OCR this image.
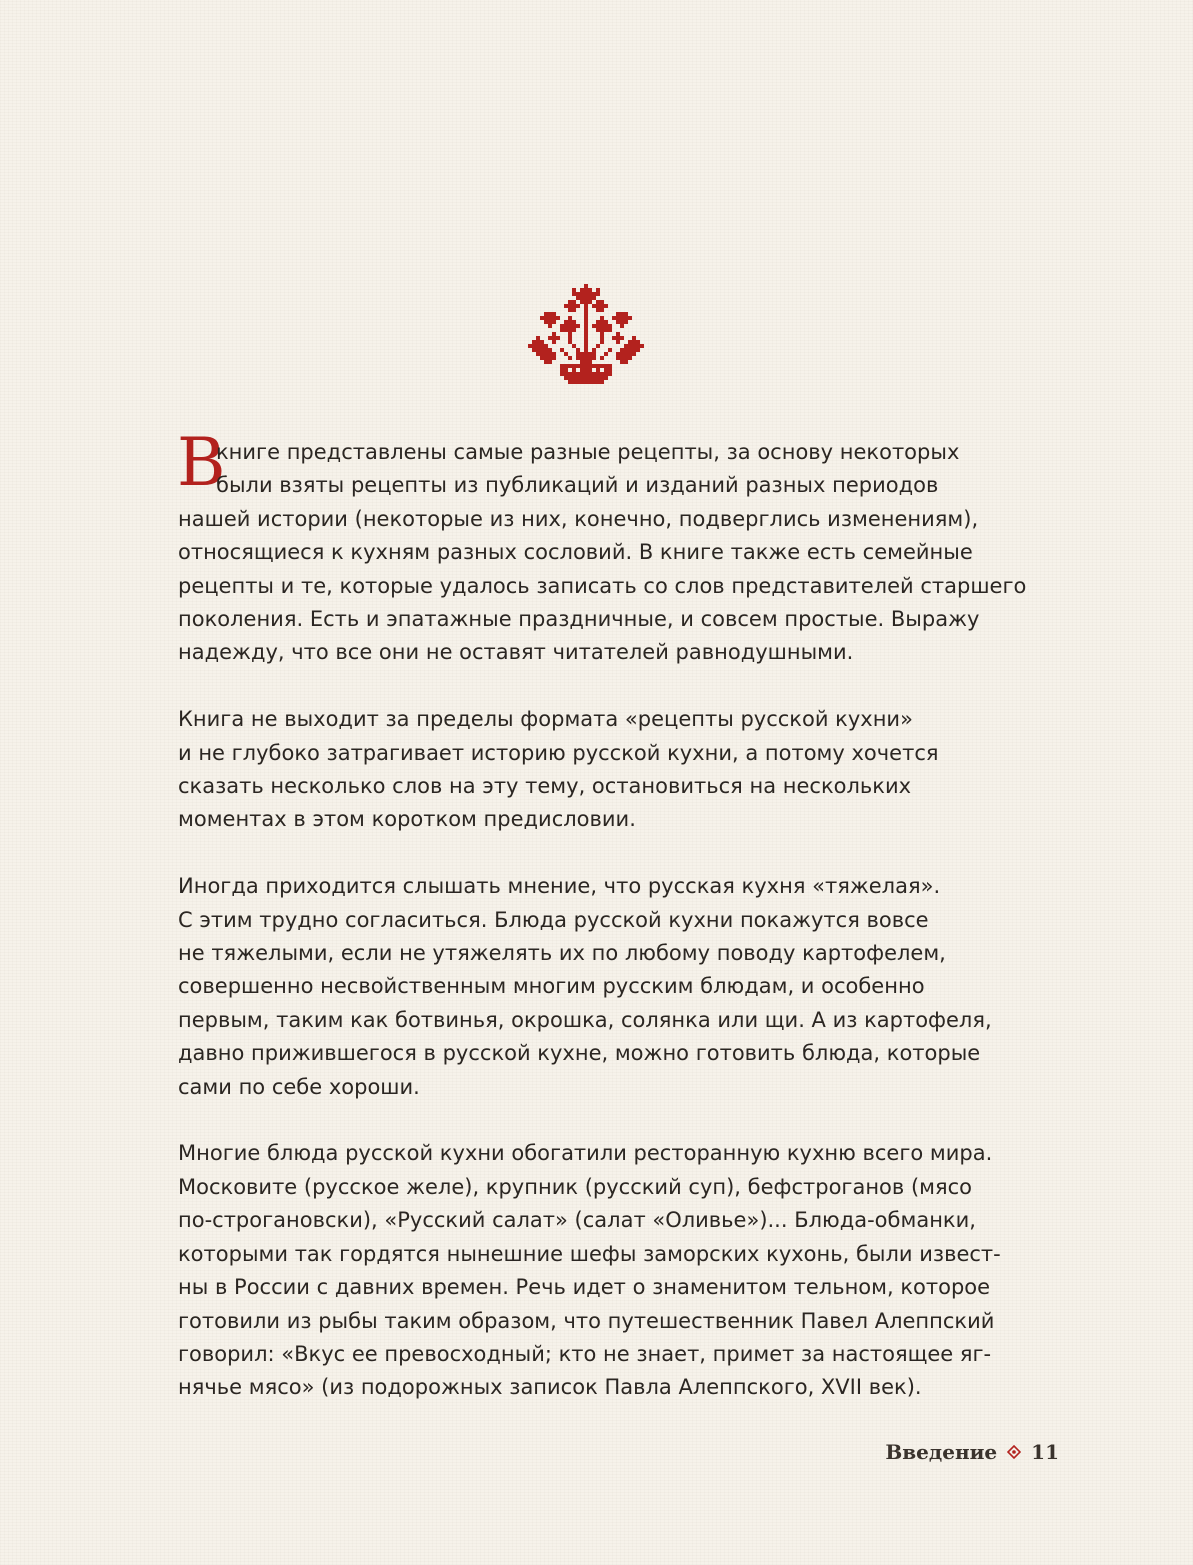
В

книге представлены самые разные рецепты, за основу некоторых
были взяты рецепты из публикаций и изданий разных периодов
нашей истории (некоторые из них, конечно, подверглись изменениям),
относящиеся к кухням разных сословий. В книге также есть семейные
рецепты и те, которые удалось записать со слов представителей старшего
поколения. Есть и эпатажные праздничные, и совсем простые. Выражу
надежду, что все они не оставят читателей равнодушными.

Книга не выходит за пределы формата «рецепты русской кухни»
и не глубоко затрагивает историю русской кухни, а потому хочется
сказать несколько слов на эту тему, остановиться на нескольких
моментах в этом коротком предисловии.

Иногда приходится слышать мнение, что русская кухня «тяжелая».
С этим трудно согласиться. Блюда русской кухни покажутся вовсе
не тяжелыми, если не утяжелять их по любому поводу картофелем,
совершенно несвойственным многим русским блюдам, и особенно
первым, таким как ботвинья, окрошка, солянка или щи. А из картофеля,
давно прижившегося в русской кухне, можно готовить блюда, которые
сами по себе хороши.

Многие блюда русской кухни обогатили ресторанную кухню всего мира.
Московите (русское желе), крупник (русский суп), бефстроганов (мясо
по-строгановски), «Русский салат» (салат «Оливье»)... Блюда-обманки,
которыми так гордятся нынешние шефы заморских кухонь, были извест-
ны в России с давних времен. Речь идет о знаменитом тельном, которое
готовили из рыбы таким образом, что путешественник Павел Алеппский
говорил: «Вкус ее превосходный; кто не знает, примет за настоящее яг-
нячье мясо» (из подорожных записок Павла Алеппского, XVII век).

Введение 11
